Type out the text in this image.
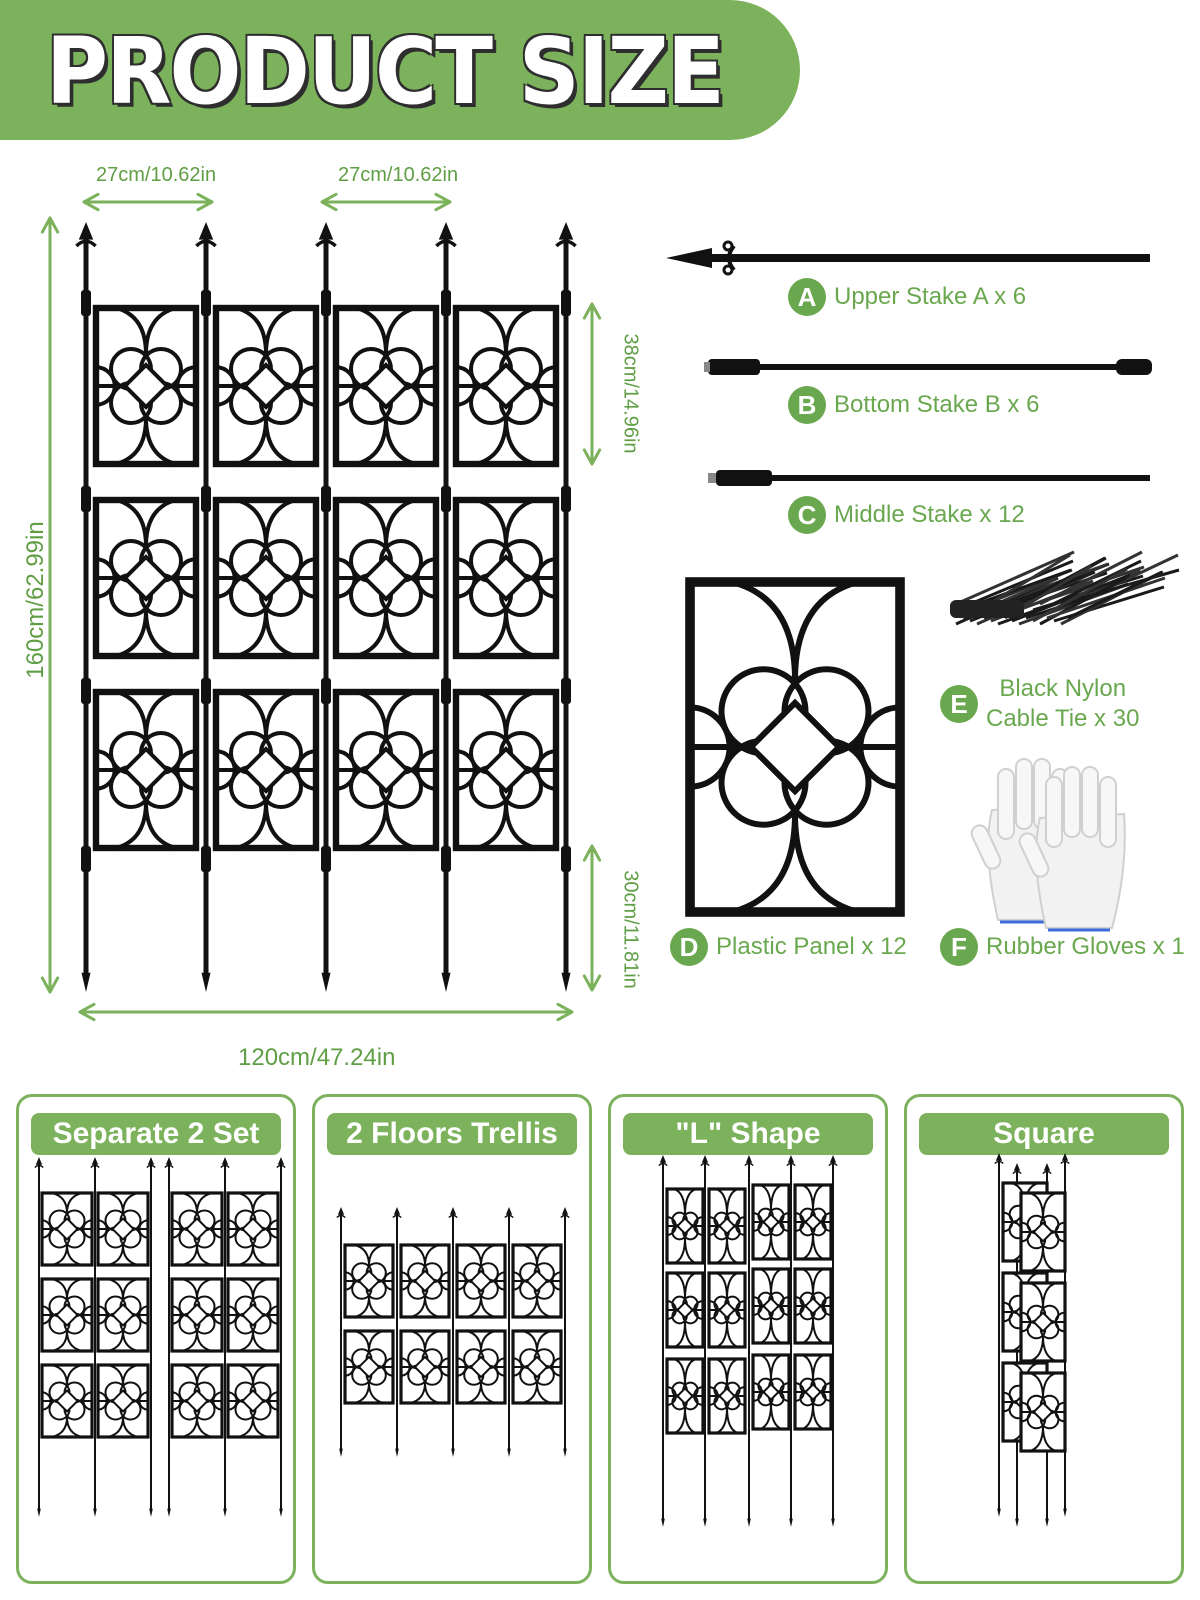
PRODUCT SIZE
27cm/10.62in	27cm/10.62in
160cm/62.99in
38cm/14.96in
30cm/11.81in
120cm/47.24in
A Upper Stake A x 6
B Bottom Stake B x 6
C Middle Stake x 12
D Plastic Panel x 12
E	Black Nylon
Cable Tie x 30
F Rubber Gloves x 1
Separate 2 Set	2 Floors Trellis	"L" Shape	Square
